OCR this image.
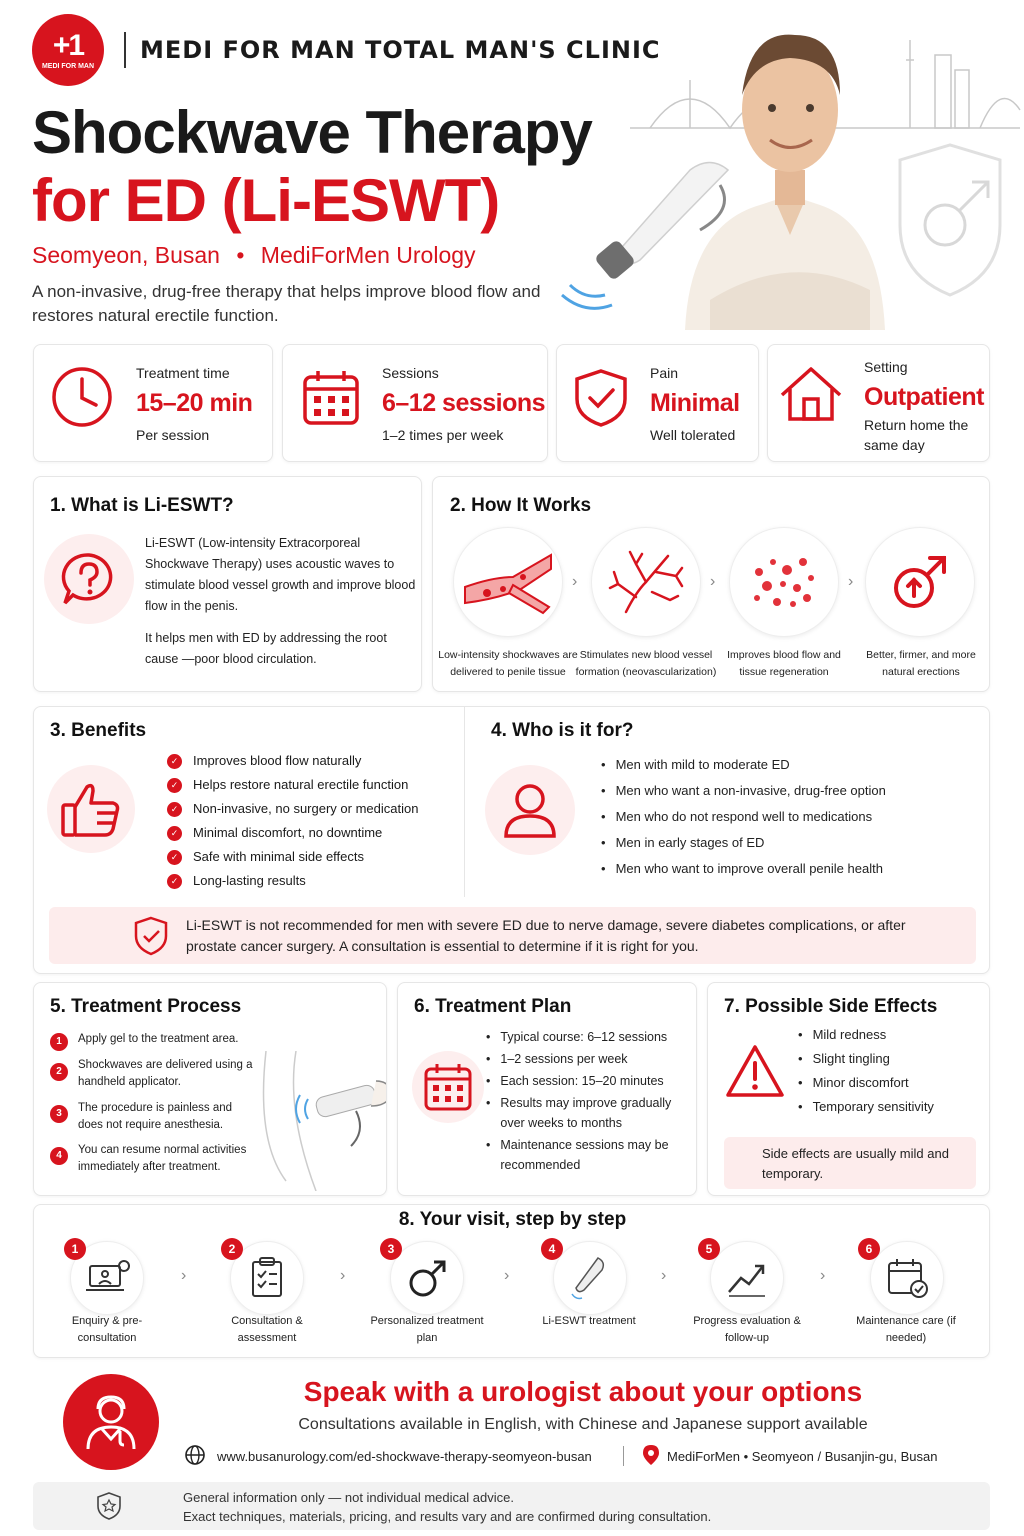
+1
MEDI FOR MAN
MEDI FOR MAN TOTAL MAN'S CLINIC
Shockwave Therapy
for ED (Li-ESWT)
Seomyeon, Busan • MediForMen Urology
A non-invasive, drug-free therapy that helps improve blood flow and restores natural erectile function.
Treatment time
15–20 min
Per session
Sessions
6–12 sessions
1–2 times per week
Pain
Minimal
Well tolerated
Setting
Outpatient
Return home the same day
1. What is Li-ESWT?
Li-ESWT (Low-intensity Extracorporeal Shockwave Therapy) uses acoustic waves to stimulate blood vessel growth and improve blood flow in the penis.
It helps men with ED by addressing the root cause —poor blood circulation.
2. How It Works
›	›	›
Low-intensity shockwaves are delivered to penile tissue
Stimulates new blood vessel formation (neovascularization)
Improves blood flow and tissue regeneration
Better, firmer, and more natural erections
3. Benefits
✓ Improves blood flow naturally
✓ Helps restore natural erectile function
✓ Non-invasive, no surgery or medication
✓ Minimal discomfort, no downtime
✓ Safe with minimal side effects
✓ Long-lasting results
4. Who is it for?
• Men with mild to moderate ED
• Men who want a non-invasive, drug-free option
• Men who do not respond well to medications
• Men in early stages of ED
• Men who want to improve overall penile health
Li-ESWT is not recommended for men with severe ED due to nerve damage, severe diabetes complications, or after prostate cancer surgery. A consultation is essential to determine if it is right for you.
5. Treatment Process
1	Apply gel to the treatment area.
2
Shockwaves are delivered using a handheld applicator.
3	The procedure is painless and does not require anesthesia.
4	You can resume normal activities immediately after treatment.
6. Treatment Plan
• Typical course: 6–12 sessions
• 1–2 sessions per week
• Each session: 15–20 minutes
• Results may improve gradually over weeks to months
• Maintenance sessions may be recommended
7. Possible Side Effects
• Mild redness
• Slight tingling
• Minor discomfort
• Temporary sensitivity
Side effects are usually mild and temporary.
8. Your visit, step by step
1
›
2
›
3
›
4
›
5
›
6
Enquiry & pre-consultation
Consultation & assessment
Personalized treatment plan
Li-ESWT treatment	Progress evaluation & follow-up
Maintenance care (if needed)
Speak with a urologist about your options
Consultations available in English, with Chinese and Japanese support available
www.busanurology.com/ed-shockwave-therapy-seomyeon-busan	MediForMen • Seomyeon / Busanjin-gu, Busan
General information only — not individual medical advice.
Exact techniques, materials, pricing, and results vary and are confirmed during consultation.
